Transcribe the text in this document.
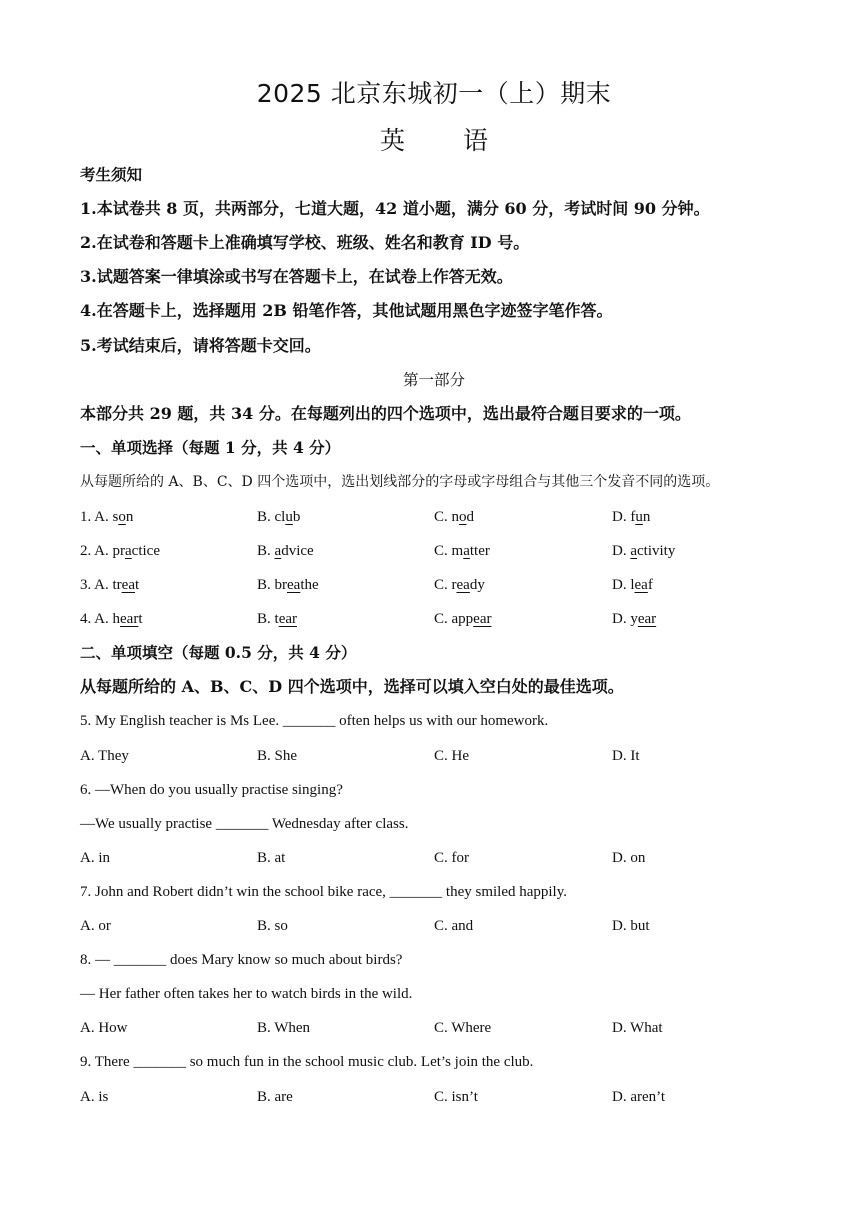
2025 北京东城初一（上）期末
英 语
考生须知
1.本试卷共 8 页，共两部分，七道大题，42 道小题，满分 60 分，考试时间 90 分钟。
2.在试卷和答题卡上准确填写学校、班级、姓名和教育 ID 号。
3.试题答案一律填涂或书写在答题卡上，在试卷上作答无效。
4.在答题卡上，选择题用 2B 铅笔作答，其他试题用黑色字迹签字笔作答。
5.考试结束后，请将答题卡交回。
第一部分
本部分共 29 题，共 34 分。在每题列出的四个选项中，选出最符合题目要求的一项。
一、单项选择（每题 1 分，共 4 分）
从每题所给的 A、B、C、D 四个选项中，选出划线部分的字母或字母组合与其他三个发音不同的选项。
1. A. son	B. club	C. nod	D. fun
2. A. practice	B. advice	C. matter	D. activity
3. A. treat	B. breathe	C. ready	D. leaf
4. A. heart	B. tear	C. appear	D. year
二、单项填空（每题 0.5 分，共 4 分）
从每题所给的 A、B、C、D 四个选项中，选择可以填入空白处的最佳选项。
5. My English teacher is Ms Lee. _______ often helps us with our homework.
A. They	B. She	C. He	D. It
6. —When do you usually practise singing?
—We usually practise _______ Wednesday after class.
A. in	B. at	C. for	D. on
7. John and Robert didn’t win the school bike race, _______ they smiled happily.
A. or	B. so	C. and	D. but
8. — _______ does Mary know so much about birds?
— Her father often takes her to watch birds in the wild.
A. How	B. When	C. Where	D. What
9. There _______ so much fun in the school music club. Let’s join the club.
A. is	B. are	C. isn’t	D. aren’t
